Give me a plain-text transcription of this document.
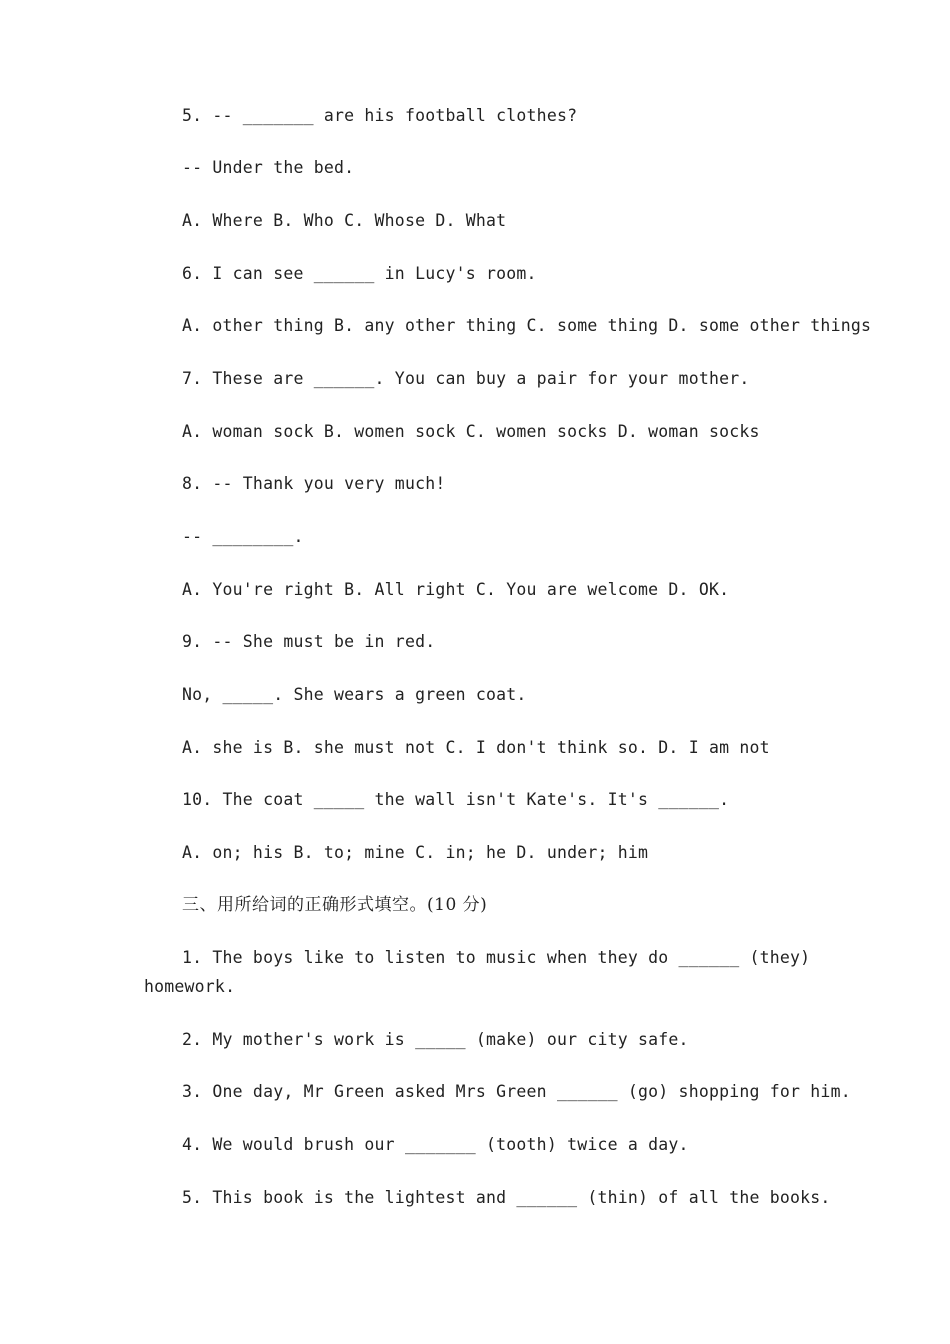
5. -- _______ are his football clothes?
-- Under the bed.
A. Where B. Who C. Whose D. What
6. I can see ______ in Lucy's room.
A. other thing B. any other thing C. some thing D. some other things
7. These are ______. You can buy a pair for your mother.
A. woman sock B. women sock C. women socks D. woman socks
8. -- Thank you very much!
-- ________.
A. You're right B. All right C. You are welcome D. OK.
9. -- She must be in red.
No, _____. She wears a green coat.
A. she is B. she must not C. I don't think so. D. I am not
10. The coat _____ the wall isn't Kate's. It's ______.
A. on; his B. to; mine C. in; he D. under; him
三、用所给词的正确形式填空。(10 分)
1. The boys like to listen to music when they do ______ (they)
homework.
2. My mother's work is _____ (make) our city safe.
3. One day, Mr Green asked Mrs Green ______ (go) shopping for him.
4. We would brush our _______ (tooth) twice a day.
5. This book is the lightest and ______ (thin) of all the books.
